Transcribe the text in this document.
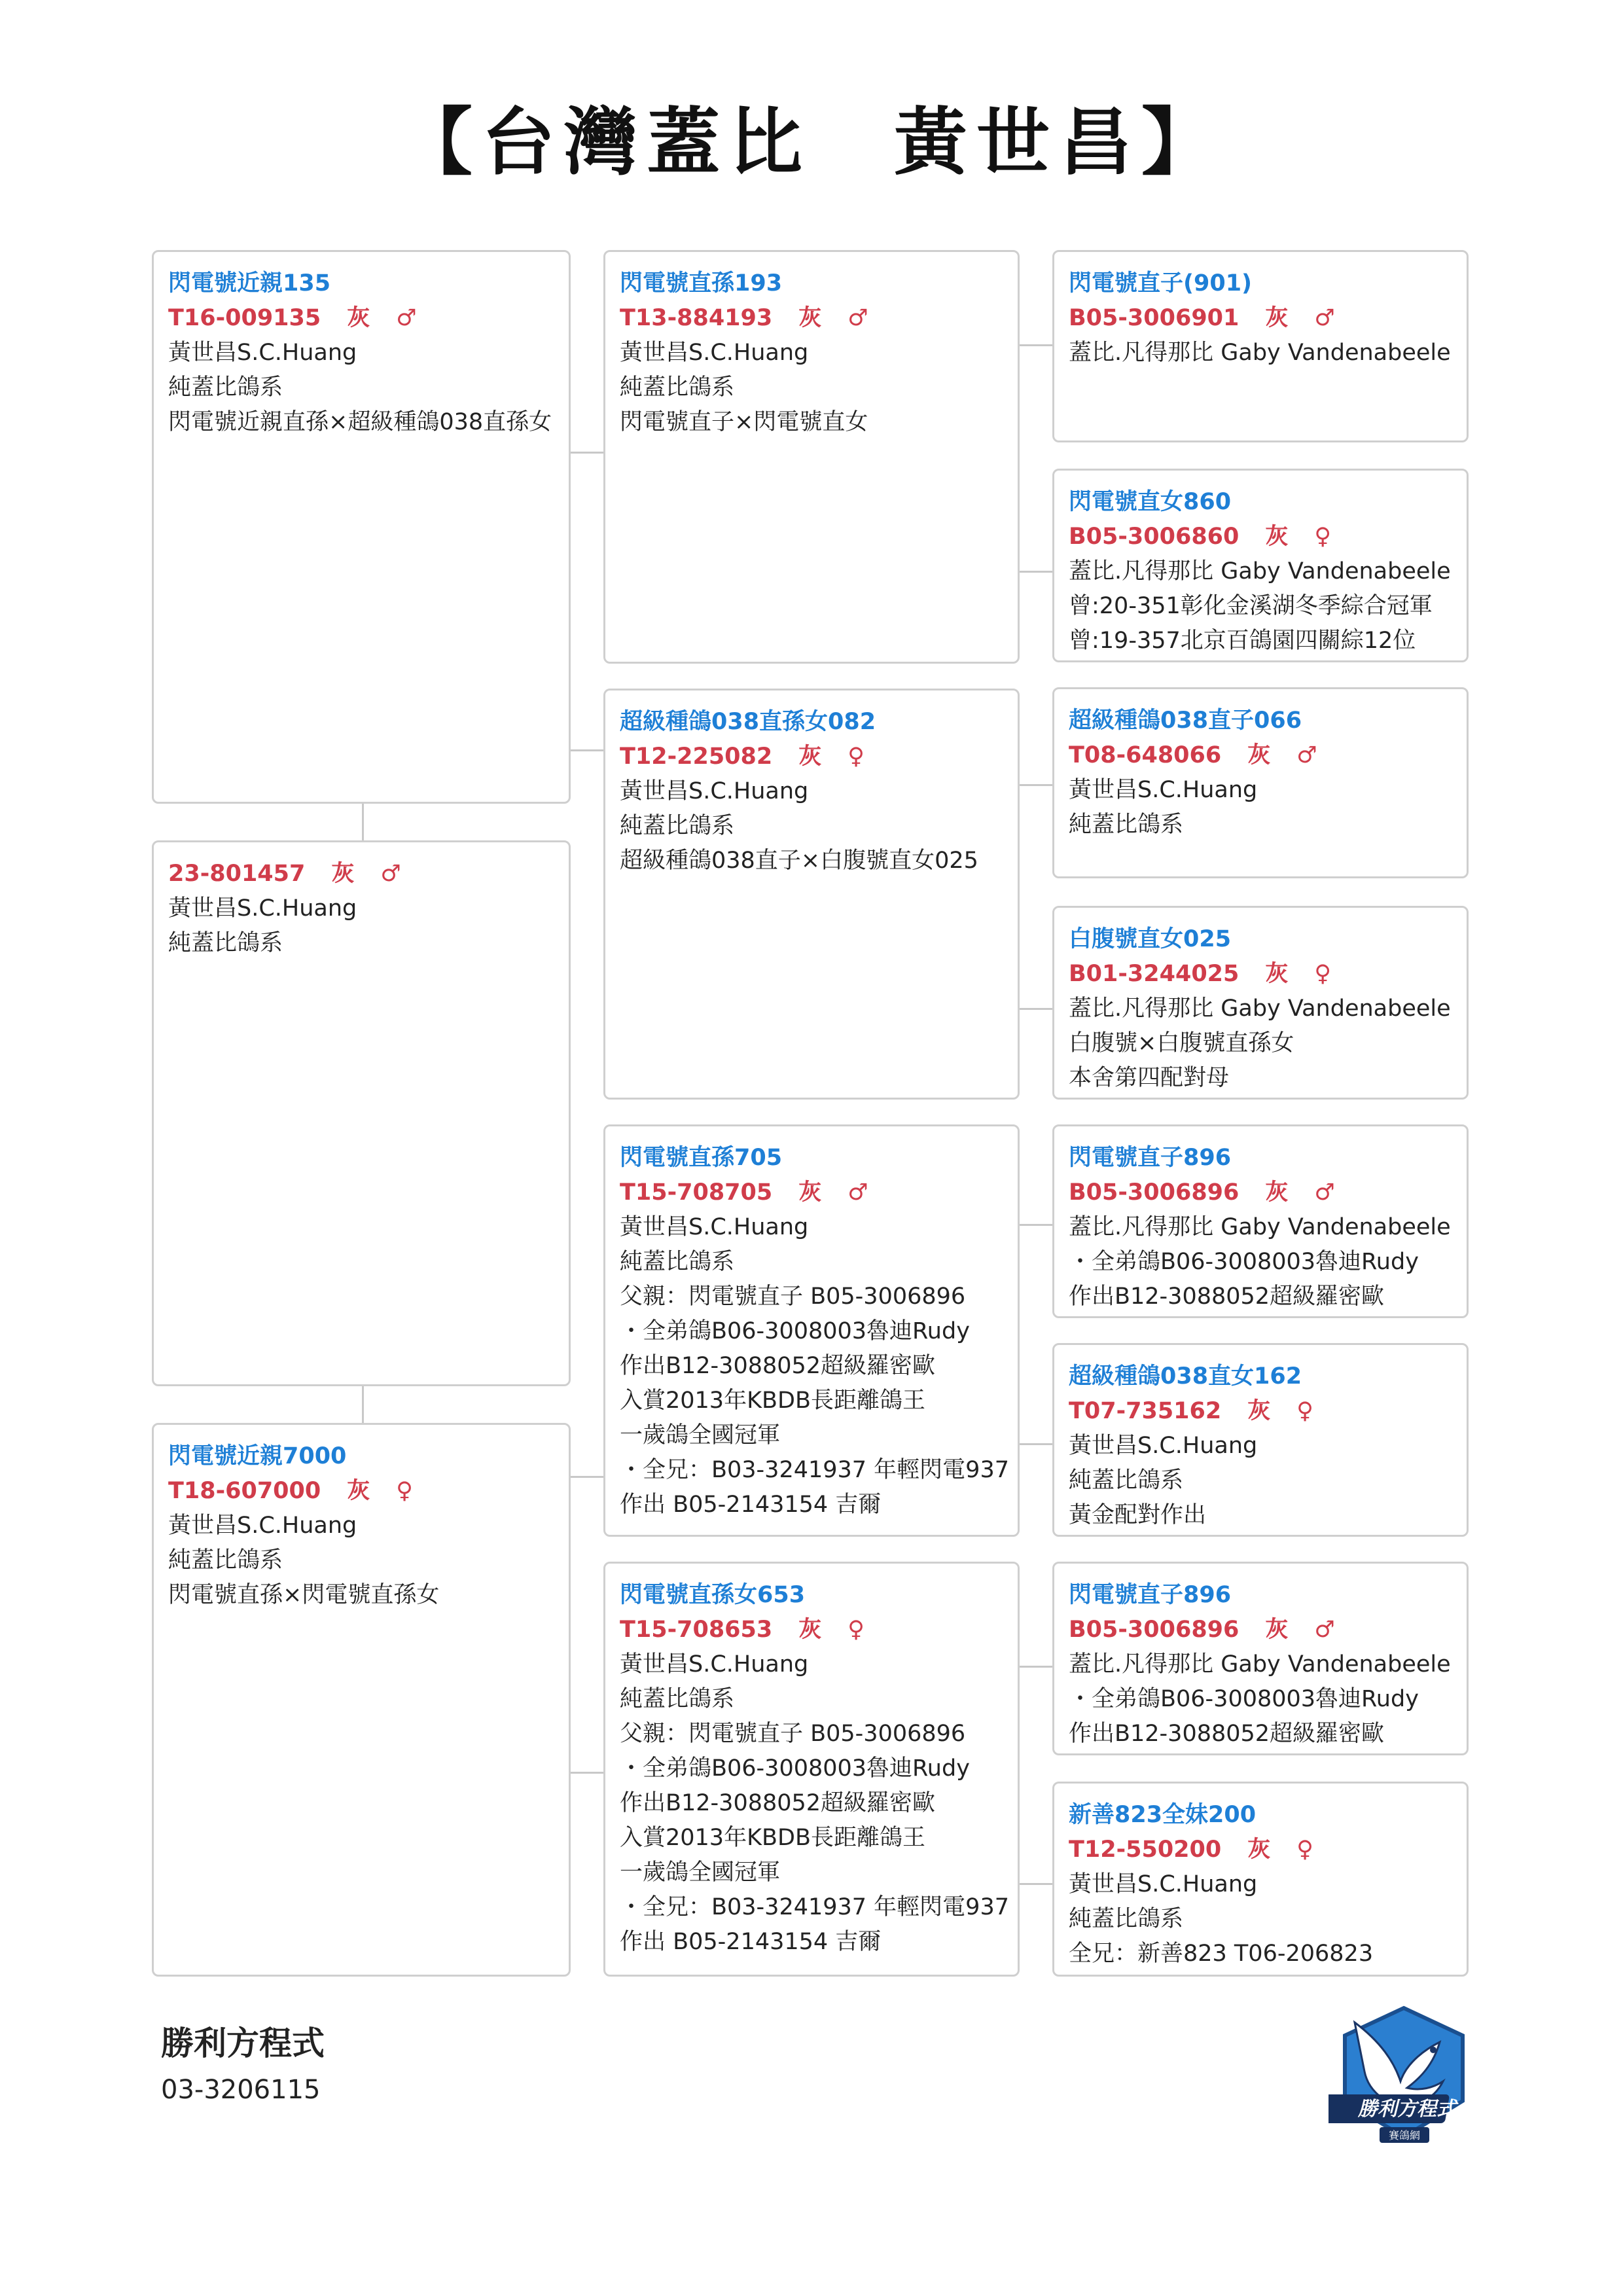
【台灣蓋比　黃世昌】
閃電號近親135
T16-009135 灰 ♂
黃世昌S.C.Huang
純蓋比鴿系
閃電號近親直孫×超級種鴿038直孫女
23-801457 灰 ♂
黃世昌S.C.Huang
純蓋比鴿系
閃電號近親7000
T18-607000 灰 ♀
黃世昌S.C.Huang
純蓋比鴿系
閃電號直孫×閃電號直孫女
閃電號直孫193
T13-884193 灰 ♂
黃世昌S.C.Huang
純蓋比鴿系
閃電號直子×閃電號直女
超級種鴿038直孫女082
T12-225082 灰 ♀
黃世昌S.C.Huang
純蓋比鴿系
超級種鴿038直子×白腹號直女025
閃電號直孫705
T15-708705 灰 ♂
黃世昌S.C.Huang
純蓋比鴿系
父親：閃電號直子 B05-3006896
・全弟鴿B06-3008003魯迪Rudy
作出B12-3088052超級羅密歐
入賞2013年KBDB長距離鴿王
一歲鴿全國冠軍
・全兄：B03-3241937 年輕閃電937
作出 B05-2143154 吉爾
閃電號直孫女653
T15-708653 灰 ♀
黃世昌S.C.Huang
純蓋比鴿系
父親：閃電號直子 B05-3006896
・全弟鴿B06-3008003魯迪Rudy
作出B12-3088052超級羅密歐
入賞2013年KBDB長距離鴿王
一歲鴿全國冠軍
・全兄：B03-3241937 年輕閃電937
作出 B05-2143154 吉爾
閃電號直子(901)
B05-3006901 灰 ♂
蓋比.凡得那比 Gaby Vandenabeele
閃電號直女860
B05-3006860 灰 ♀
蓋比.凡得那比 Gaby Vandenabeele
曾:20-351彰化金溪湖冬季綜合冠軍
曾:19-357北京百鴿園四關綜12位
超級種鴿038直子066
T08-648066 灰 ♂
黃世昌S.C.Huang
純蓋比鴿系
白腹號直女025
B01-3244025 灰 ♀
蓋比.凡得那比 Gaby Vandenabeele
白腹號×白腹號直孫女
本舍第四配對母
閃電號直子896
B05-3006896 灰 ♂
蓋比.凡得那比 Gaby Vandenabeele
・全弟鴿B06-3008003魯迪Rudy
作出B12-3088052超級羅密歐
超級種鴿038直女162
T07-735162 灰 ♀
黃世昌S.C.Huang
純蓋比鴿系
黃金配對作出
閃電號直子896
B05-3006896 灰 ♂
蓋比.凡得那比 Gaby Vandenabeele
・全弟鴿B06-3008003魯迪Rudy
作出B12-3088052超級羅密歐
新善823全妹200
T12-550200 灰 ♀
黃世昌S.C.Huang
純蓋比鴿系
全兄：新善823 T06-206823
勝利方程式
03-3206115
勝利方程式
賽鴿網
